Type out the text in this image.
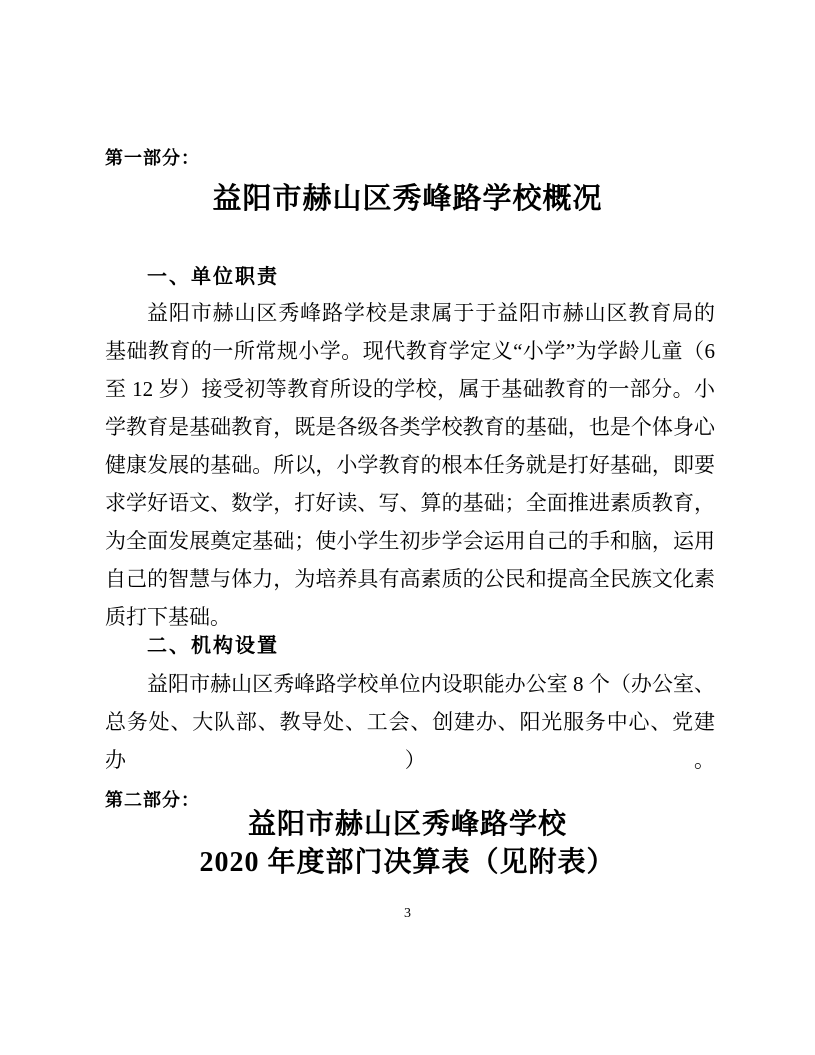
第一部分：
益阳市赫山区秀峰路学校概况
一、单位职责
益阳市赫山区秀峰路学校是隶属于于益阳市赫山区教育局的
基础教育的一所常规小学。现代教育学定义“小学”为学龄儿童（6
至 12 岁）接受初等教育所设的学校，属于基础教育的一部分。小
学教育是基础教育，既是各级各类学校教育的基础，也是个体身心
健康发展的基础。所以，小学教育的根本任务就是打好基础，即要
求学好语文、数学，打好读、写、算的基础；全面推进素质教育，
为全面发展奠定基础；使小学生初步学会运用自己的手和脑，运用
自己的智慧与体力，为培养具有高素质的公民和提高全民族文化素
质打下基础。
二、机构设置
益阳市赫山区秀峰路学校单位内设职能办公室 8 个（办公室、
总务处、大队部、教导处、工会、创建办、阳光服务中心、党建办）。
第二部分：
益阳市赫山区秀峰路学校
2020 年度部门决算表（见附表）
3
